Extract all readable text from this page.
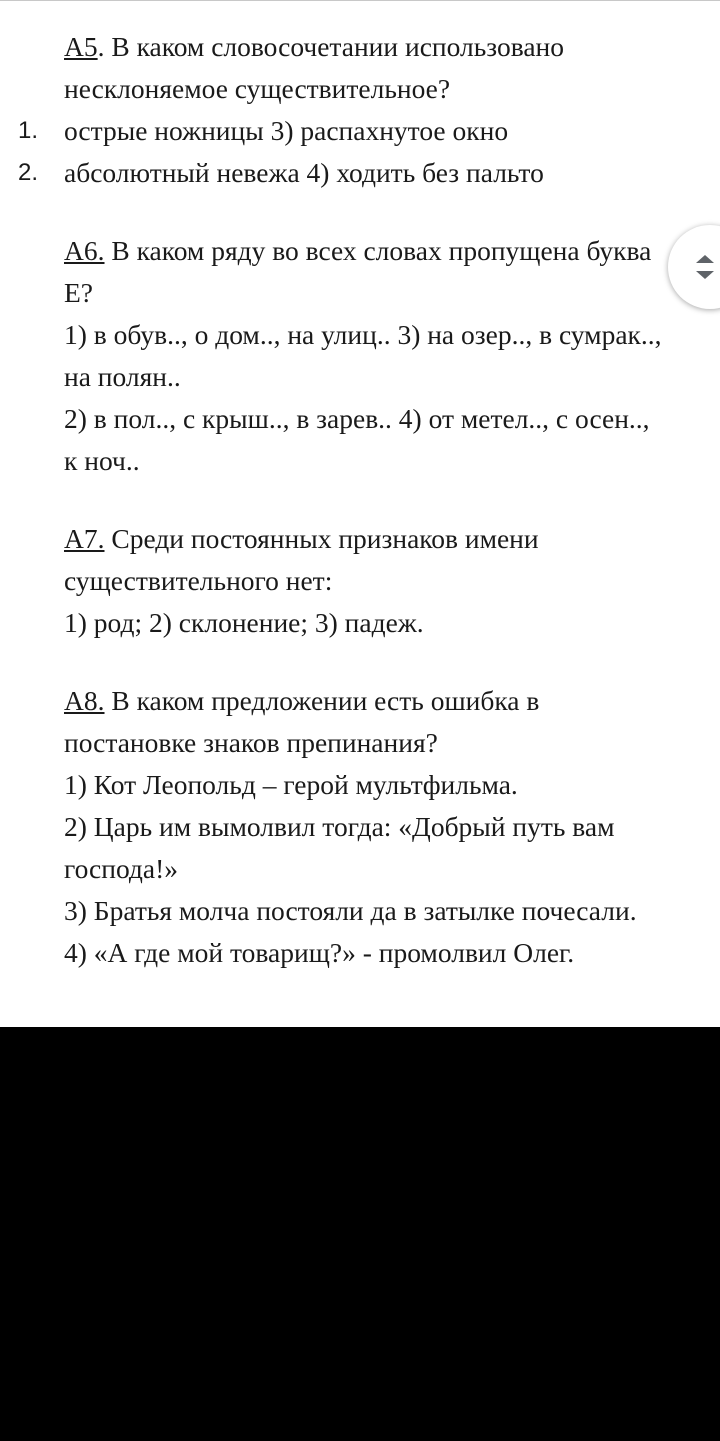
А5. В каком словосочетании использовано несклоняемое существительное?

1. острые ножницы 3) распахнутое окно
2. абсолютный невежа 4) ходить без пальто

А6. В каком ряду во всех словах пропущена буква Е?

1) в обув.., о дом.., на улиц.. 3) на озер.., в сумрак.., на полян..
2) в пол.., с крыш.., в зарев.. 4) от метел.., с осен.., к ноч..

А7. Среди постоянных признаков имени существительного нет:

1) род; 2) склонение; 3) падеж.

А8. В каком предложении есть ошибка в постановке знаков препинания?

1) Кот Леопольд – герой мультфильма.
2) Царь им вымолвил тогда: «Добрый путь вам господа!»
3) Братья молча постояли да в затылке почесали.
4) «А где мой товарищ?» - промолвил Олег.
